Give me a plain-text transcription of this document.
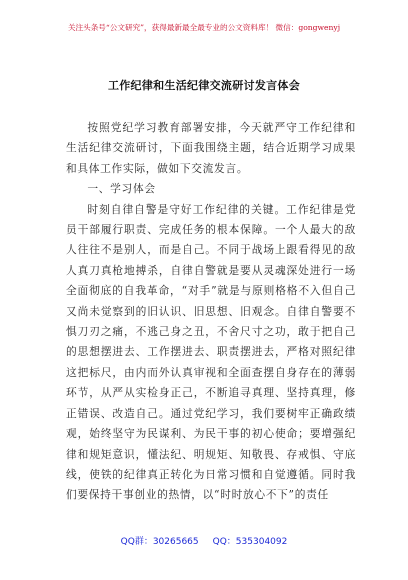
关注头条号“公文研究”，获得最新最全最专业的公文资料库！ 微信：gongwenyj
工作纪律和生活纪律交流研讨发言体会

按照党纪学习教育部署安排，今天就严守工作纪律和生活纪律交流研讨，下面我围绕主题，结合近期学习成果和具体工作实际，做如下交流发言。

一、学习体会

时刻自律自警是守好工作纪律的关键。工作纪律是党员干部履行职责、完成任务的根本保障。一个人最大的敌人往往不是别人，而是自己。不同于战场上跟看得见的敌人真刀真枪地搏杀，自律自警就是要从灵魂深处进行一场全面彻底的自我革命，“对手”就是与原则格格不入但自己又尚未觉察到的旧认识、旧思想、旧观念。自律自警要不惧刀刃之痛，不逃己身之丑，不舍尺寸之功，敢于把自己的思想摆进去、工作摆进去、职责摆进去，严格对照纪律这把标尺，由内而外认真审视和全面查摆自身存在的薄弱环节，从严从实检身正己，不断追寻真理、坚持真理，修正错误、改造自己。通过党纪学习，我们要树牢正确政绩观，始终坚守为民谋利、为民干事的初心使命；要增强纪律和规矩意识，懂法纪、明规矩、知敬畏、存戒惧、守底线，使铁的纪律真正转化为日常习惯和自觉遵循。同时我们要保持干事创业的热情，以“时时放心不下”的责任

QQ群：30265665 QQ：535304092
